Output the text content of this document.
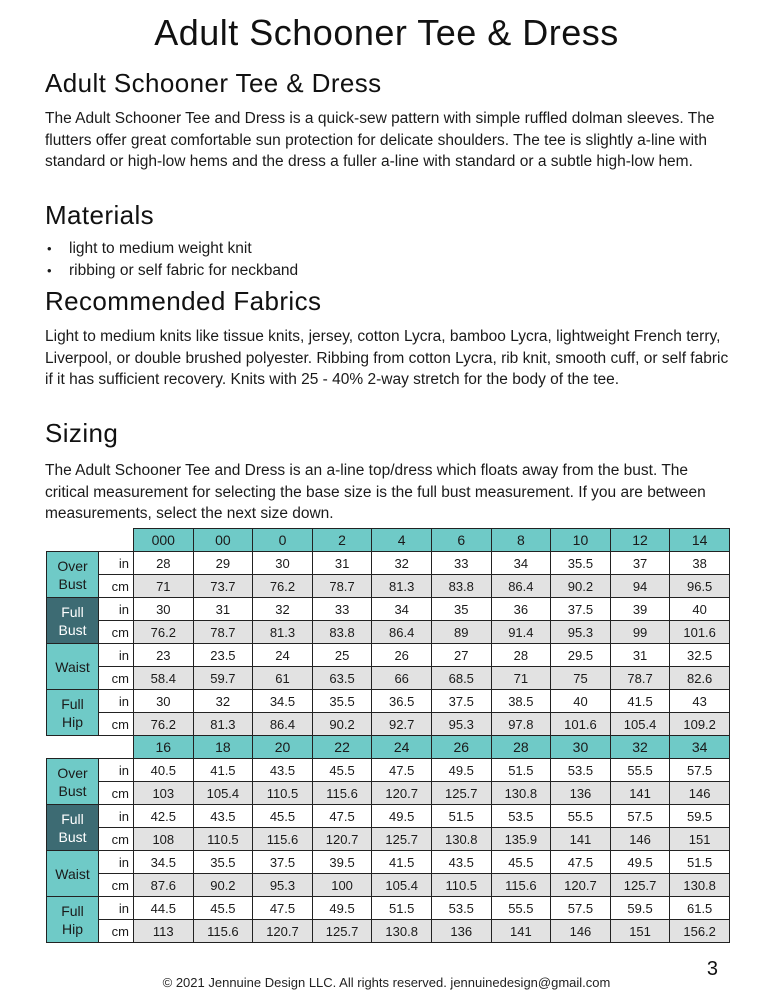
Adult Schooner Tee & Dress
Adult Schooner Tee & Dress
The Adult Schooner Tee and Dress is a quick-sew pattern with simple ruffled dolman sleeves. The flutters offer great comfortable sun protection for delicate shoulders. The tee is slightly a-line with standard or high-low hems and the dress a fuller a-line with standard or a subtle high-low hem.
Materials
• light to medium weight knit
• ribbing or self fabric for neckband
Recommended Fabrics
Light to medium knits like tissue knits, jersey, cotton Lycra, bamboo Lycra, lightweight French terry, Liverpool, or double brushed polyester. Ribbing from cotton Lycra, rib knit, smooth cuff, or self fabric if it has sufficient recovery. Knits with 25 - 40% 2-way stretch for the body of the tee.
Sizing
The Adult Schooner Tee and Dress is an a-line top/dress which floats away from the bust. The critical measurement for selecting the base size is the full bust measurement. If you are between measurements, select the next size down.
		000	00	0	2	4	6	8	10	12	14

Over
Bust	in	28	29	30	31	32	33	34	35.5	37	38
	cm	71	73.7	76.2	78.7	81.3	83.8	86.4	90.2	94	96.5

Full
Bust	in	30	31	32	33	34	35	36	37.5	39	40
	cm	76.2	78.7	81.3	83.8	86.4	89	91.4	95.3	99	101.6

Waist	in	23	23.5	24	25	26	27	28	29.5	31	32.5
	cm	58.4	59.7	61	63.5	66	68.5	71	75	78.7	82.6

Full
Hip	in	30	32	34.5	35.5	36.5	37.5	38.5	40	41.5	43
	cm	76.2	81.3	86.4	90.2	92.7	95.3	97.8	101.6	105.4	109.2
		16	18	20	22	24	26	28	30	32	34

Over
Bust	in	40.5	41.5	43.5	45.5	47.5	49.5	51.5	53.5	55.5	57.5
	cm	103	105.4	110.5	115.6	120.7	125.7	130.8	136	141	146

Full
Bust	in	42.5	43.5	45.5	47.5	49.5	51.5	53.5	55.5	57.5	59.5
	cm	108	110.5	115.6	120.7	125.7	130.8	135.9	141	146	151

Waist	in	34.5	35.5	37.5	39.5	41.5	43.5	45.5	47.5	49.5	51.5
	cm	87.6	90.2	95.3	100	105.4	110.5	115.6	120.7	125.7	130.8

Full
Hip	in	44.5	45.5	47.5	49.5	51.5	53.5	55.5	57.5	59.5	61.5
	cm	113	115.6	120.7	125.7	130.8	136	141	146	151	156.2
© 2021 Jennuine Design LLC. All rights reserved. jennuinedesign@gmail.com
3
